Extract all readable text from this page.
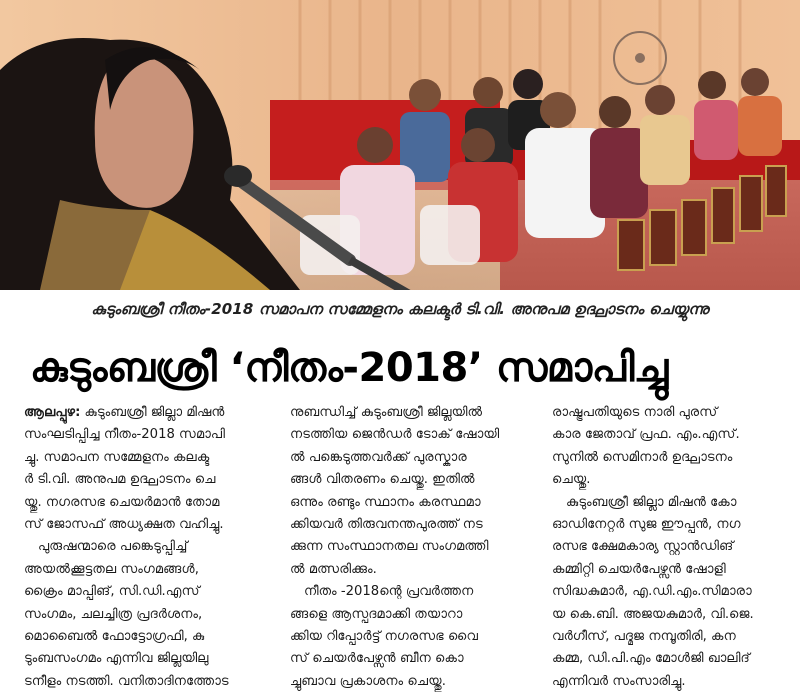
കുടുംബശ്രീ നീതം-2018 സമാപന സമ്മേളനം കലക്ടർ ടി.വി. അനുപമ ഉദ്ഘാടനം ചെയ്യുന്നു
കുടുംബശ്രീ ‘നീതം-2018’ സമാപിച്ചു

ആലപ്പുഴ: കുടുംബശ്രീ ജില്ലാ മിഷൻ

സംഘടിപ്പിച്ച നീതം-2018 സമാപി

ച്ചു. സമാപന സമ്മേളനം കലക്ട

ർ ടി.വി. അനുപമ ഉദ്ഘാടനം ചെ

യ്തു. നഗരസഭ ചെയർമാൻ തോമ

സ് ജോസഫ് അധ്യക്ഷത വഹിച്ചു.

പുരുഷന്മാരെ പങ്കെടുപ്പിച്ച്

അയൽക്കൂട്ടതല സംഗമങ്ങൾ,

ക്രൈം മാപ്പിങ്, സി.ഡി.എസ്

സംഗമം, ചലച്ചിത്ര പ്രദർശനം,

മൊബൈൽ ഫോട്ടോഗ്രഫി, കു

ടുംബസംഗമം എന്നിവ ജില്ലയിലു

ടനീളം നടത്തി. വനിതാദിനത്തോട

നുബന്ധിച്ച് കുടുംബശ്രീ ജില്ലയിൽ

നടത്തിയ ജെൻഡർ ടോക് ഷോയി

ൽ പങ്കെടുത്തവർക്ക് പുരസ്കാര

ങ്ങൾ വിതരണം ചെയ്തു. ഇതിൽ

ഒന്നും രണ്ടും സ്ഥാനം കരസ്ഥമാ

ക്കിയവർ തിരുവനന്തപുരത്ത് നട

ക്കുന്ന സംസ്ഥാനതല സംഗമത്തി

ൽ മത്സരിക്കും.

നീതം -2018ന്റെ പ്രവർത്തന

ങ്ങളെ ആസ്പദമാക്കി തയാറാ

ക്കിയ റിപ്പോർട്ട് നഗരസഭ വൈ

സ് ചെയർപേഴ്സൻ ബീന കൊ

ച്ചുബാവ പ്രകാശനം ചെയ്തു.

രാഷ്ട്രപതിയുടെ നാരി പുരസ്

കാര ജേതാവ് പ്രഫ. എം.എസ്.

സുനിൽ സെമിനാർ ഉദ്ഘാടനം

ചെയ്തു.

കുടുംബശ്രീ ജില്ലാ മിഷൻ കോ

ഓഡിനേറ്റർ സുജ ഈപ്പൻ, നഗ

രസഭ ക്ഷേമകാര്യ സ്റ്റാൻഡിങ്

കമ്മിറ്റി ചെയർപേഴ്സൻ ഷോളി

സിദ്ധകുമാർ, എ.ഡി.എം.സിമാരാ

യ കെ.ബി. അജയകുമാർ, വി.ജെ.

വർഗീസ്, പദ്മജ നമ്പൂതിരി, കന

കമ്മ, ഡി.പി.എം മോൾജി ഖാലിദ്

എന്നിവർ സംസാരിച്ചു.
